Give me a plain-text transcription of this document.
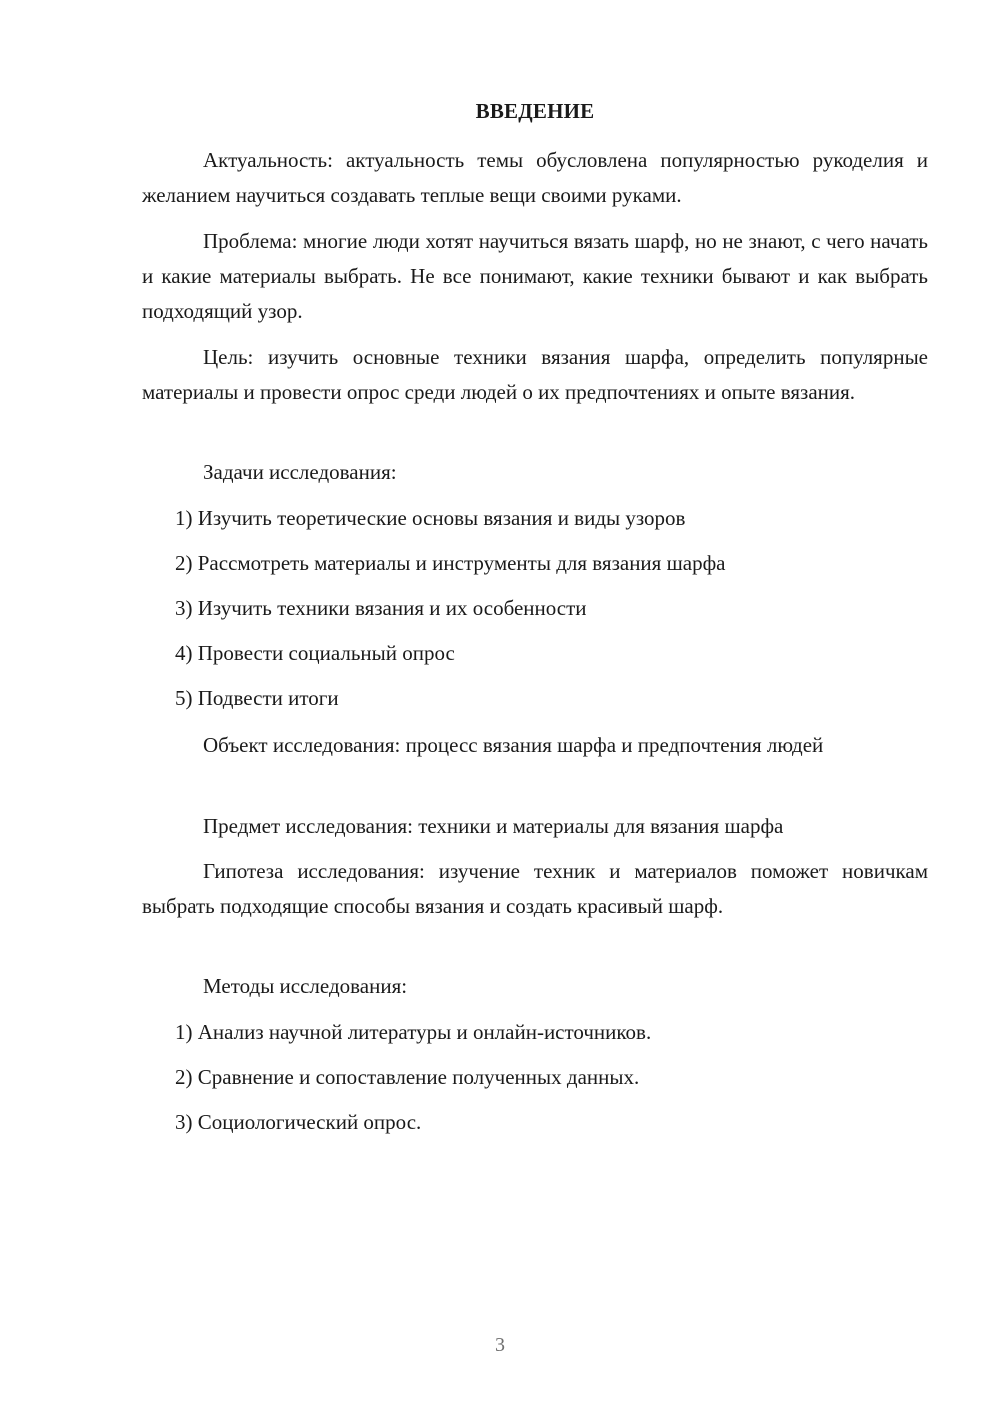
ВВЕДЕНИЕ

Актуальность: актуальность темы обусловлена популярностью рукоделия и желанием научиться создавать теплые вещи своими руками.

Проблема: многие люди хотят научиться вязать шарф, но не знают, с чего начать и какие материалы выбрать. Не все понимают, какие техники бывают и как выбрать подходящий узор.

Цель: изучить основные техники вязания шарфа, определить популярные материалы и провести опрос среди людей о их предпочтениях и опыте вязания.

Задачи исследования:

1) Изучить теоретические основы вязания и виды узоров

2) Рассмотреть материалы и инструменты для вязания шарфа

3) Изучить техники вязания и их особенности

4) Провести социальный опрос

5) Подвести итоги

Объект исследования: процесс вязания шарфа и предпочтения людей

Предмет исследования: техники и материалы для вязания шарфа

Гипотеза исследования: изучение техник и материалов поможет новичкам выбрать подходящие способы вязания и создать красивый шарф.

Методы исследования:

1) Анализ научной литературы и онлайн-источников.

2) Сравнение и сопоставление полученных данных.

3) Социологический опрос.

3
